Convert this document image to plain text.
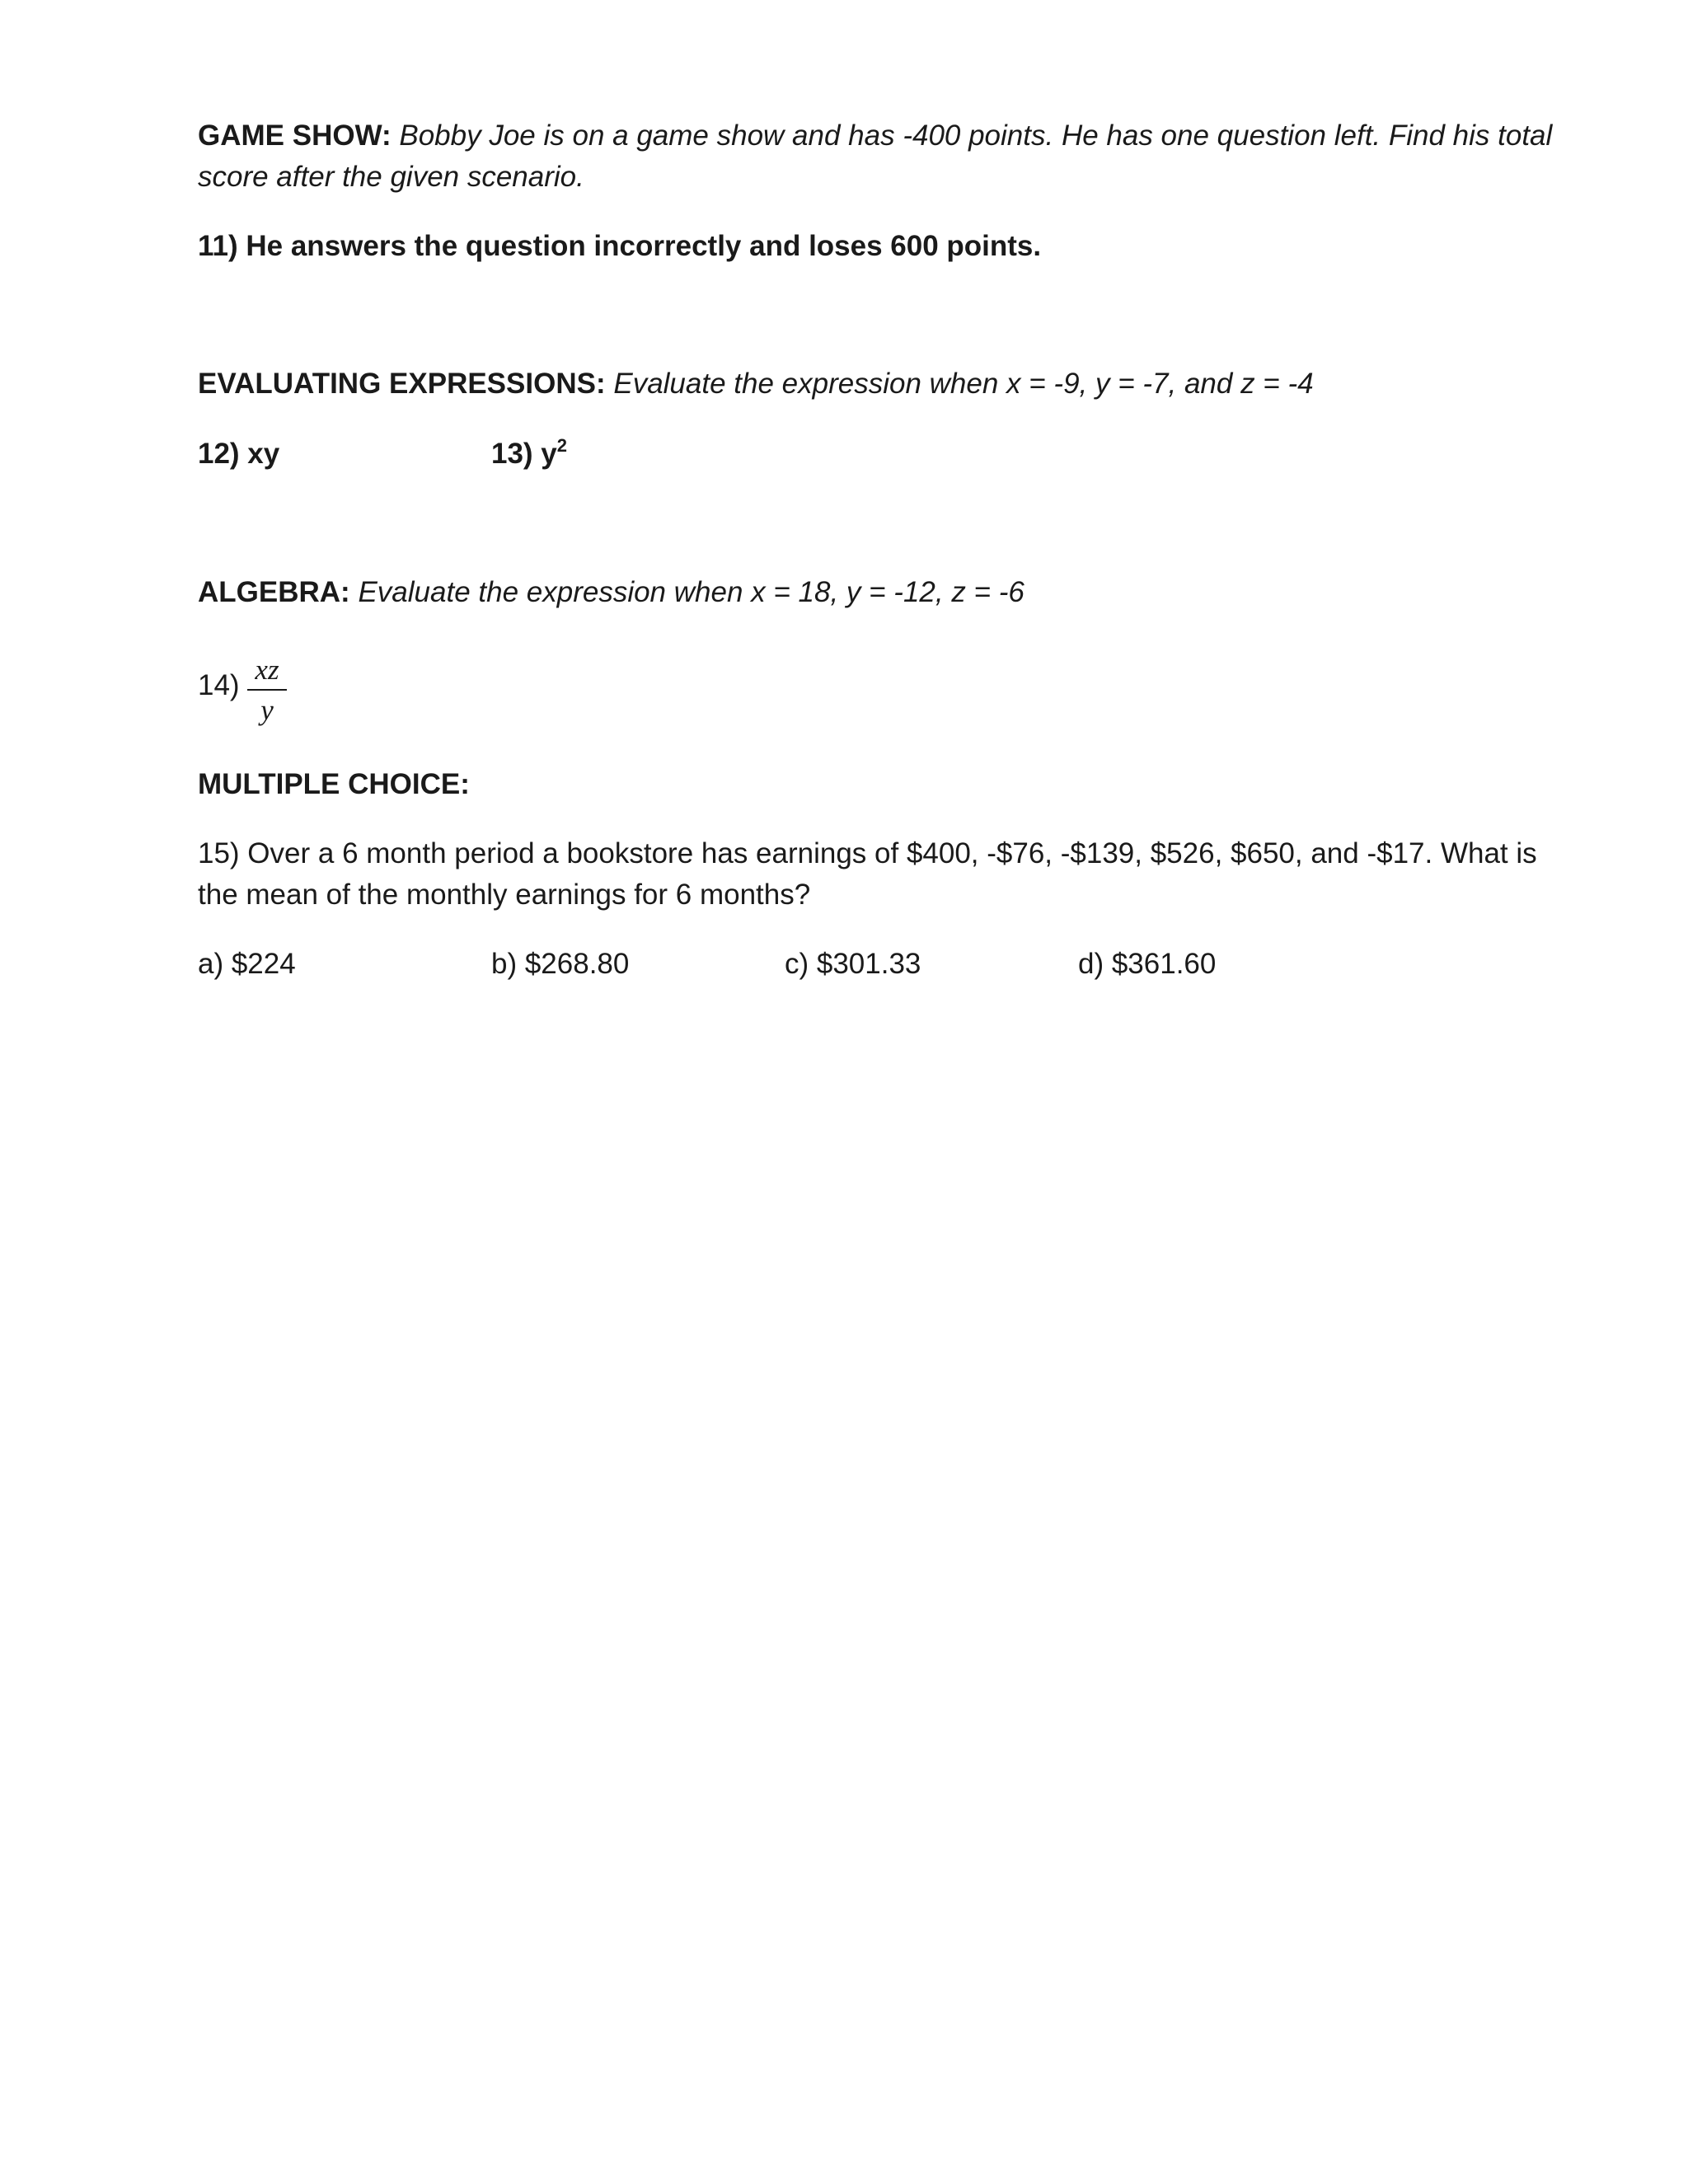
GAME SHOW: Bobby Joe is on a game show and has -400 points. He has one question left. Find his total
score after the given scenario.
11) He answers the question incorrectly and loses 600 points.
EVALUATING EXPRESSIONS: Evaluate the expression when x = -9, y = -7, and z = -4
12) xy	13) $y^2$
ALGEBRA: Evaluate the expression when x = 18, y = -12, z = -6
14) xz
y
MULTIPLE CHOICE:
15) Over a 6 month period a bookstore has earnings of $400, -$76, -$139, $526, $650, and -$17. What is
the mean of the monthly earnings for 6 months?
a) $224	b) $268.80	c) $301.33	d) $361.60
